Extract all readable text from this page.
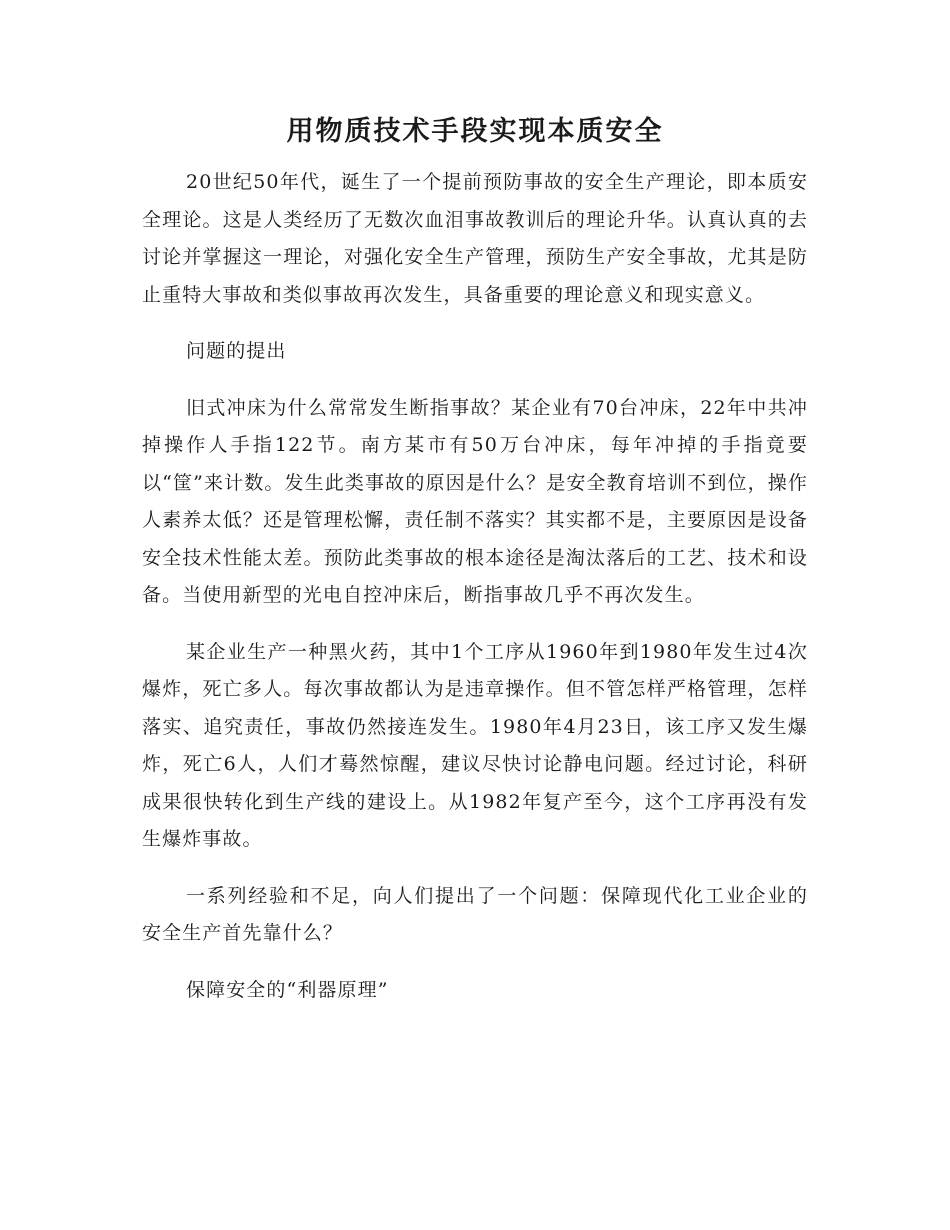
用物质技术手段实现本质安全

20世纪50年代，诞生了一个提前预防事故的安全生产理论，即本质安全理论。这是人类经历了无数次血泪事故教训后的理论升华。认真认真的去讨论并掌握这一理论，对强化安全生产管理，预防生产安全事故，尤其是防止重特大事故和类似事故再次发生，具备重要的理论意义和现实意义。

问题的提出

旧式冲床为什么常常发生断指事故？某企业有70台冲床，22年中共冲掉操作人手指122节。南方某市有50万台冲床，每年冲掉的手指竟要以“筐”来计数。发生此类事故的原因是什么？是安全教育培训不到位，操作人素养太低？还是管理松懈，责任制不落实？其实都不是，主要原因是设备安全技术性能太差。预防此类事故的根本途径是淘汰落后的工艺、技术和设备。当使用新型的光电自控冲床后，断指事故几乎不再次发生。

某企业生产一种黑火药，其中1个工序从1960年到1980年发生过4次爆炸，死亡多人。每次事故都认为是违章操作。但不管怎样严格管理，怎样落实、追究责任，事故仍然接连发生。1980年4月23日，该工序又发生爆炸，死亡6人，人们才蓦然惊醒，建议尽快讨论静电问题。经过讨论，科研成果很快转化到生产线的建设上。从1982年复产至今，这个工序再没有发生爆炸事故。

一系列经验和不足，向人们提出了一个问题：保障现代化工业企业的安全生产首先靠什么？

保障安全的“利器原理”
